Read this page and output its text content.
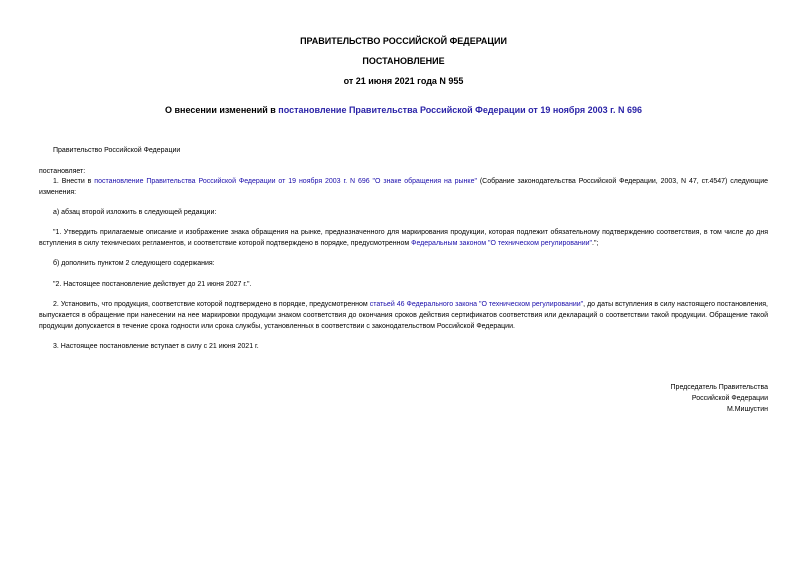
ПРАВИТЕЛЬСТВО РОССИЙСКОЙ ФЕДЕРАЦИИ
ПОСТАНОВЛЕНИЕ
от 21 июня 2021 года N 955
О внесении изменений в постановление Правительства Российской Федерации от 19 ноября 2003 г. N 696
Правительство Российской Федерации
постановляет:
1. Внести в постановление Правительства Российской Федерации от 19 ноября 2003 г. N 696 "О знаке обращения на рынке" (Собрание законодательства Российской Федерации, 2003, N 47, ст.4547) следующие изменения:
а) абзац второй изложить в следующей редакции:
"1. Утвердить прилагаемые описание и изображение знака обращения на рынке, предназначенного для маркирования продукции, которая подлежит обязательному подтверждению соответствия, в том числе до дня вступления в силу технических регламентов, и соответствие которой подтверждено в порядке, предусмотренном Федеральным законом "О техническом регулировании".";
б) дополнить пунктом 2 следующего содержания:
"2. Настоящее постановление действует до 21 июня 2027 г.".
2. Установить, что продукция, соответствие которой подтверждено в порядке, предусмотренном статьей 46 Федерального закона "О техническом регулировании", до даты вступления в силу настоящего постановления, выпускается в обращение при нанесении на нее маркировки продукции знаком соответствия до окончания сроков действия сертификатов соответствия или деклараций о соответствии такой продукции. Обращение такой продукции допускается в течение срока годности или срока службы, установленных в соответствии с законодательством Российской Федерации.
3. Настоящее постановление вступает в силу с 21 июня 2021 г.
Председатель Правительства
Российской Федерации
М.Мишустин
